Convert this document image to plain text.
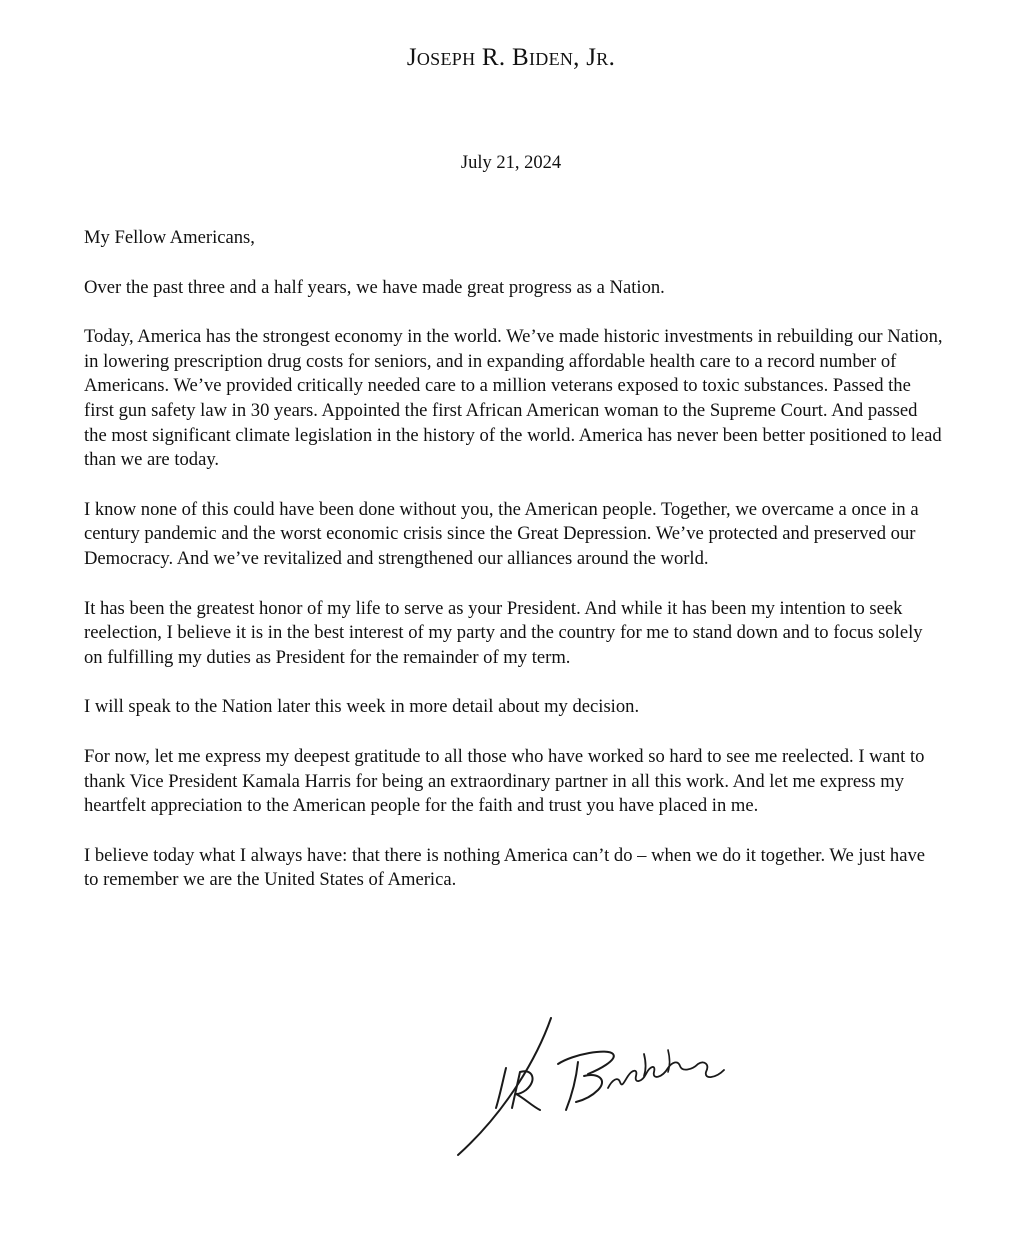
Joseph R. Biden, Jr.
July 21, 2024

My Fellow Americans,

Over the past three and a half years, we have made great progress as a Nation.

Today, America has the strongest economy in the world. We’ve made historic investments in rebuilding our Nation, in lowering prescription drug costs for seniors, and in expanding affordable health care to a record number of Americans. We’ve provided critically needed care to a million veterans exposed to toxic substances. Passed the first gun safety law in 30 years. Appointed the first African American woman to the Supreme Court. And passed the most significant climate legislation in the history of the world. America has never been better positioned to lead than we are today.

I know none of this could have been done without you, the American people. Together, we overcame a once in a century pandemic and the worst economic crisis since the Great Depression. We’ve protected and preserved our Democracy. And we’ve revitalized and strengthened our alliances around the world.

It has been the greatest honor of my life to serve as your President. And while it has been my intention to seek reelection, I believe it is in the best interest of my party and the country for me to stand down and to focus solely on fulfilling my duties as President for the remainder of my term.

I will speak to the Nation later this week in more detail about my decision.

For now, let me express my deepest gratitude to all those who have worked so hard to see me reelected. I want to thank Vice President Kamala Harris for being an extraordinary partner in all this work. And let me express my heartfelt appreciation to the American people for the faith and trust you have placed in me.

I believe today what I always have: that there is nothing America can’t do – when we do it together. We just have to remember we are the United States of America.
